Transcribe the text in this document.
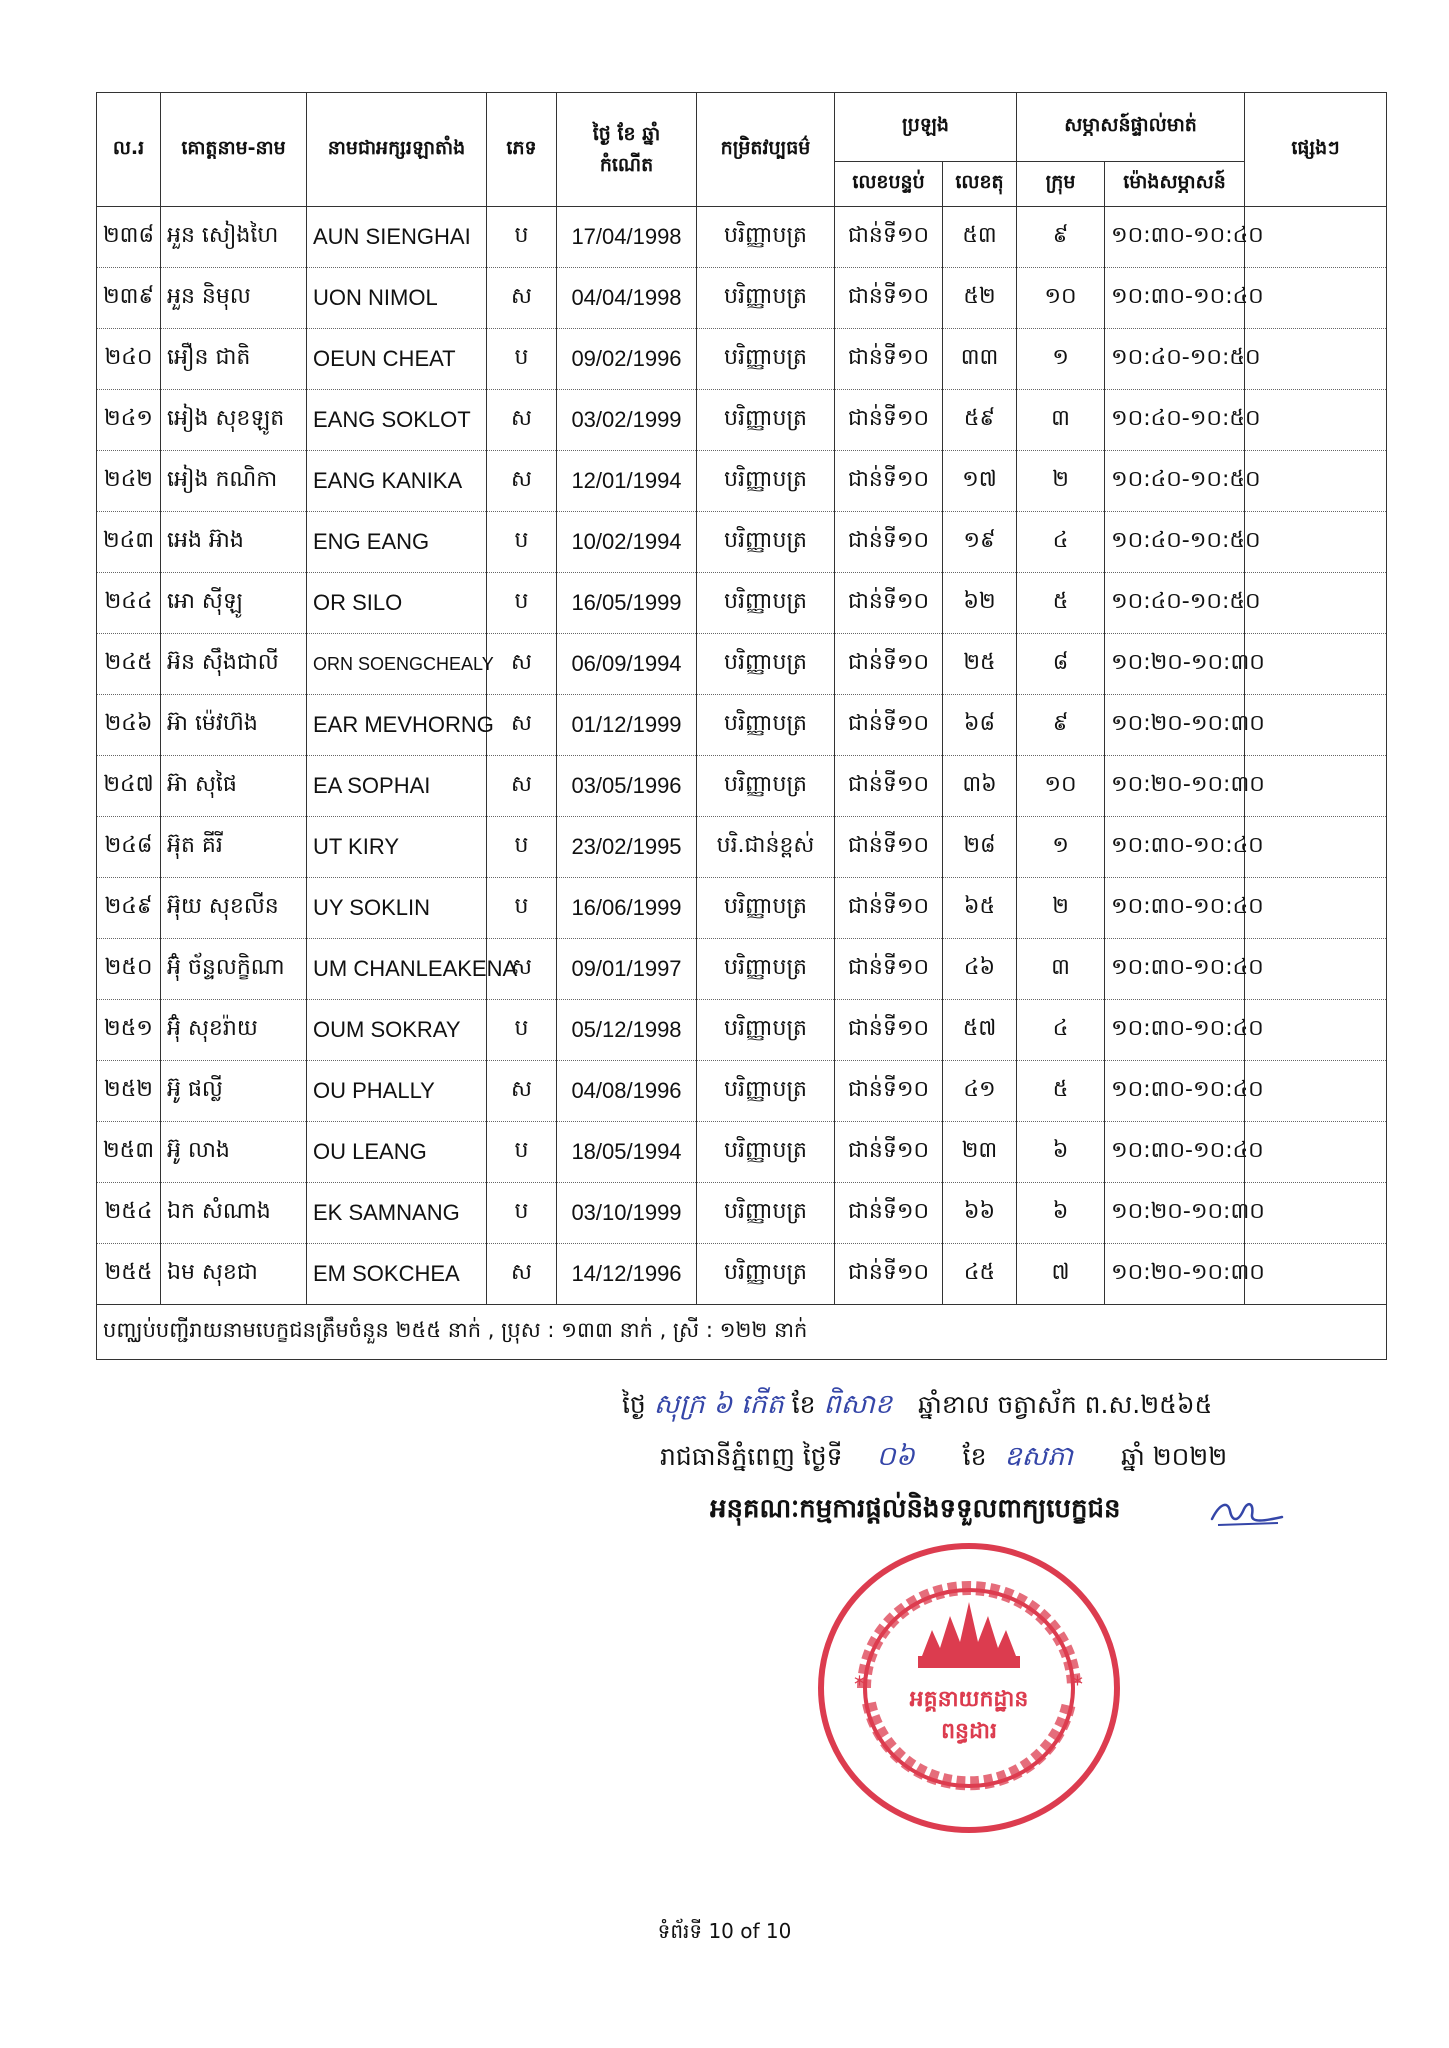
ល.រ	គោត្តនាម-នាម	នាមជាអក្សរឡាតាំង	ភេទ	ថ្ងៃ ខែ ឆ្នាំ កំណើត	កម្រិតវប្បធម៌	ប្រឡង		សម្ភាសន៍ផ្ទាល់មាត់		ផ្សេងៗ
						លេខបន្ទប់	លេខតុ	ក្រុម	ម៉ោងសម្ភាសន៍	
២៣៨	អួន សៀងហៃ	AUN SIENGHAI	ប	17/04/1998	បរិញ្ញាបត្រ	ជាន់ទី១០	៥៣	៩	១០:៣០-១០:៤០	
២៣៩	អួន និមុល	UON NIMOL	ស	04/04/1998	បរិញ្ញាបត្រ	ជាន់ទី១០	៥២	១០	១០:៣០-១០:៤០	
២៤០	អឿន ជាតិ	OEUN CHEAT	ប	09/02/1996	បរិញ្ញាបត្រ	ជាន់ទី១០	៣៣	១	១០:៤០-១០:៥០	
២៤១	អៀង សុខឡូត	EANG SOKLOT	ស	03/02/1999	បរិញ្ញាបត្រ	ជាន់ទី១០	៥៩	៣	១០:៤០-១០:៥០	
២៤២	អៀង កណិកា	EANG KANIKA	ស	12/01/1994	បរិញ្ញាបត្រ	ជាន់ទី១០	១៧	២	១០:៤០-១០:៥០	
២៤៣	អេង អ៊ាង	ENG EANG	ប	10/02/1994	បរិញ្ញាបត្រ	ជាន់ទី១០	១៩	៤	១០:៤០-១០:៥០	
២៤៤	អោ ស៊ីឡូ	OR SILO	ប	16/05/1999	បរិញ្ញាបត្រ	ជាន់ទី១០	៦២	៥	១០:៤០-១០:៥០	
២៤៥	អ៊ន ស៊ឹងជាលី	ORN SOENGCHEALY	ស	06/09/1994	បរិញ្ញាបត្រ	ជាន់ទី១០	២៥	៨	១០:២០-១០:៣០	
២៤៦	អ៊ា ម៉េវហ៊ង	EAR MEVHORNG	ស	01/12/1999	បរិញ្ញាបត្រ	ជាន់ទី១០	៦៨	៩	១០:២០-១០:៣០	
២៤៧	អ៊ា សុផៃ	EA SOPHAI	ស	03/05/1996	បរិញ្ញាបត្រ	ជាន់ទី១០	៣៦	១០	១០:២០-១០:៣០	
២៤៨	អ៊ុត គីរី	UT KIRY	ប	23/02/1995	បរិ.ជាន់ខ្ពស់	ជាន់ទី១០	២៨	១	១០:៣០-១០:៤០	
២៤៩	អ៊ុយ សុខលីន	UY SOKLIN	ប	16/06/1999	បរិញ្ញាបត្រ	ជាន់ទី១០	៦៥	២	១០:៣០-១០:៤០	
២៥០	អ៊ុំ ច័ន្ទលក្ខិណា	UM CHANLEAKENA	ស	09/01/1997	បរិញ្ញាបត្រ	ជាន់ទី១០	៤៦	៣	១០:៣០-១០:៤០	
២៥១	អ៊ុំ សុខរ៉ាយ	OUM SOKRAY	ប	05/12/1998	បរិញ្ញាបត្រ	ជាន់ទី១០	៥៧	៤	១០:៣០-១០:៤០	
២៥២	អ៊ូ ផល្លី	OU PHALLY	ស	04/08/1996	បរិញ្ញាបត្រ	ជាន់ទី១០	៤១	៥	១០:៣០-១០:៤០	
២៥៣	អ៊ូ លាង	OU LEANG	ប	18/05/1994	បរិញ្ញាបត្រ	ជាន់ទី១០	២៣	៦	១០:៣០-១០:៤០	
២៥៤	ឯក សំណាង	EK SAMNANG	ប	03/10/1999	បរិញ្ញាបត្រ	ជាន់ទី១០	៦៦	៦	១០:២០-១០:៣០	
២៥៥	ឯម សុខជា	EM SOKCHEA	ស	14/12/1996	បរិញ្ញាបត្រ	ជាន់ទី១០	៤៥	៧	១០:២០-១០:៣០	
បញ្ឈប់បញ្ជីរាយនាមបេក្ខជនត្រឹមចំនួន ២៥៥ នាក់ , ប្រុស : ១៣៣ នាក់ , ស្រី : ១២២ នាក់										
ថ្ងៃ សុក្រ ៦ កើត ខែ ពិសាខ ឆ្នាំខាល ចត្វាស័ក ព.ស.២៥៦៥
រាជធានីភ្នំពេញ ថ្ងៃទី ០៦ ខែ ឧសភា ឆ្នាំ ២០២២
អនុគណៈកម្មការផ្តល់និងទទួលពាក្យបេក្ខជន
អគ្គនាយកដ្ឋាន
ពន្ធដារ
*	*
ទំព័រទី 10 of 10
